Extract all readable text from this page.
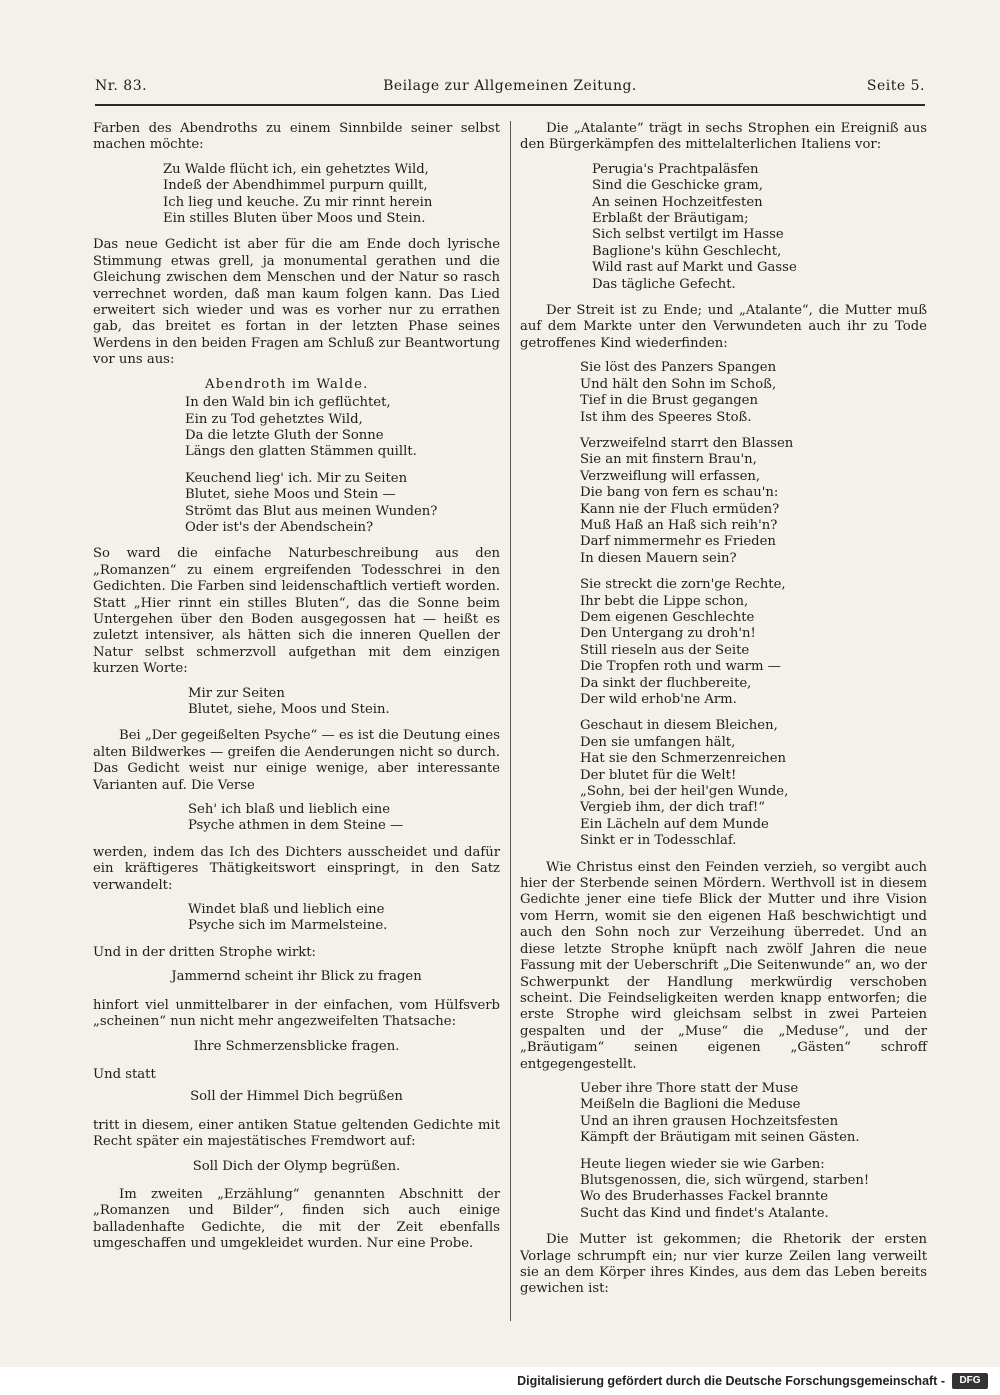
Nr. 83.	Beilage zur Allgemeinen Zeitung.	Seite 5.

Farben des Abendroths zu einem Sinnbilde seiner selbst machen möchte:

Zu Walde flücht ich, ein gehetztes Wild,
Indeß der Abendhimmel purpurn quillt,
Ich lieg und keuche. Zu mir rinnt herein
Ein stilles Bluten über Moos und Stein.

Das neue Gedicht ist aber für die am Ende doch lyrische Stimmung etwas grell, ja monumental gerathen und die Gleichung zwischen dem Menschen und der Natur so rasch verrechnet worden, daß man kaum folgen kann. Das Lied erweitert sich wieder und was es vorher nur zu errathen gab, das breitet es fortan in der letzten Phase seines Werdens in den beiden Fragen am Schluß zur Beantwortung vor uns aus:

Abendroth im Walde.
In den Wald bin ich geflüchtet,
Ein zu Tod gehetztes Wild,
Da die letzte Gluth der Sonne
Längs den glatten Stämmen quillt.
Keuchend lieg' ich. Mir zu Seiten
Blutet, siehe Moos und Stein —
Strömt das Blut aus meinen Wunden?
Oder ist's der Abendschein?

So ward die einfache Naturbeschreibung aus den „Romanzen“ zu einem ergreifenden Todesschrei in den Gedichten. Die Farben sind leidenschaftlich vertieft worden. Statt „Hier rinnt ein stilles Bluten“, das die Sonne beim Untergehen über den Boden ausgegossen hat — heißt es zuletzt intensiver, als hätten sich die inneren Quellen der Natur selbst schmerzvoll aufgethan mit dem einzigen kurzen Worte:

Mir zur Seiten
Blutet, siehe, Moos und Stein.

Bei „Der gegeißelten Psyche“ — es ist die Deutung eines alten Bildwerkes — greifen die Aenderungen nicht so durch. Das Gedicht weist nur einige wenige, aber interessante Varianten auf. Die Verse

Seh' ich blaß und lieblich eine
Psyche athmen in dem Steine —

werden, indem das Ich des Dichters ausscheidet und dafür ein kräftigeres Thätigkeitswort einspringt, in den Satz verwandelt:

Windet blaß und lieblich eine
Psyche sich im Marmelsteine.

Und in der dritten Strophe wirkt:

Jammernd scheint ihr Blick zu fragen

hinfort viel unmittelbarer in der einfachen, vom Hülfsverb „scheinen“ nun nicht mehr angezweifelten Thatsache:

Ihre Schmerzensblicke fragen.

Und statt

Soll der Himmel Dich begrüßen

tritt in diesem, einer antiken Statue geltenden Gedichte mit Recht später ein majestätisches Fremdwort auf:

Soll Dich der Olymp begrüßen.

Im zweiten „Erzählung“ genannten Abschnitt der „Romanzen und Bilder“, finden sich auch einige balladenhafte Gedichte, die mit der Zeit ebenfalls umgeschaffen und umgekleidet wurden. Nur eine Probe.

Die „Atalante“ trägt in sechs Strophen ein Ereigniß aus den Bürgerkämpfen des mittelalterlichen Italiens vor:

Perugia's Prachtpaläsfen
Sind die Geschicke gram,
An seinen Hochzeitfesten
Erblaßt der Bräutigam;
Sich selbst vertilgt im Hasse
Baglione's kühn Geschlecht,
Wild rast auf Markt und Gasse
Das tägliche Gefecht.

Der Streit ist zu Ende; und „Atalante“, die Mutter muß auf dem Markte unter den Verwundeten auch ihr zu Tode getroffenes Kind wiederfinden:

Sie löst des Panzers Spangen
Und hält den Sohn im Schoß,
Tief in die Brust gegangen
Ist ihm des Speeres Stoß.
Verzweifelnd starrt den Blassen
Sie an mit finstern Brau'n,
Verzweiflung will erfassen,
Die bang von fern es schau'n:
Kann nie der Fluch ermüden?
Muß Haß an Haß sich reih'n?
Darf nimmermehr es Frieden
In diesen Mauern sein?
Sie streckt die zorn'ge Rechte,
Ihr bebt die Lippe schon,
Dem eigenen Geschlechte
Den Untergang zu droh'n!
Still rieseln aus der Seite
Die Tropfen roth und warm —
Da sinkt der fluchbereite,
Der wild erhob'ne Arm.
Geschaut in diesem Bleichen,
Den sie umfangen hält,
Hat sie den Schmerzenreichen
Der blutet für die Welt!
„Sohn, bei der heil'gen Wunde,
Vergieb ihm, der dich traf!“
Ein Lächeln auf dem Munde
Sinkt er in Todesschlaf.

Wie Christus einst den Feinden verzieh, so vergibt auch hier der Sterbende seinen Mördern. Werthvoll ist in diesem Gedichte jener eine tiefe Blick der Mutter und ihre Vision vom Herrn, womit sie den eigenen Haß beschwichtigt und auch den Sohn noch zur Verzeihung überredet. Und an diese letzte Strophe knüpft nach zwölf Jahren die neue Fassung mit der Ueberschrift „Die Seitenwunde“ an, wo der Schwerpunkt der Handlung merkwürdig verschoben scheint. Die Feindseligkeiten werden knapp entworfen; die erste Strophe wird gleichsam selbst in zwei Parteien gespalten und der „Muse“ die „Meduse“, und der „Bräutigam“ seinen eigenen „Gästen“ schroff entgegengestellt.

Ueber ihre Thore statt der Muse
Meißeln die Baglioni die Meduse
Und an ihren grausen Hochzeitsfesten
Kämpft der Bräutigam mit seinen Gästen.
Heute liegen wieder sie wie Garben:
Blutsgenossen, die, sich würgend, starben!
Wo des Bruderhasses Fackel brannte
Sucht das Kind und findet's Atalante.

Die Mutter ist gekommen; die Rhetorik der ersten Vorlage schrumpft ein; nur vier kurze Zeilen lang verweilt sie an dem Körper ihres Kindes, aus dem das Leben bereits gewichen ist:

Digitalisierung gefördert durch die Deutsche Forschungsgemeinschaft -	DFG
